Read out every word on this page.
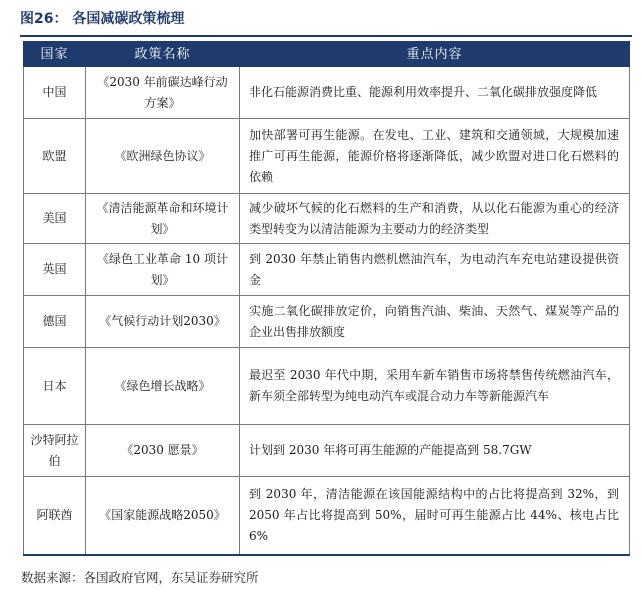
图26： 各国减碳政策梳理
国家	政策名称	重点内容
中国	《2030 年前碳达峰行动方案》	非化石能源消费比重、能源利用效率提升、二氧化碳排放强度降低
欧盟	《欧洲绿色协议》	加快部署可再生能源。在发电、工业、建筑和交通领域，大规模加速推广可再生能源，能源价格将逐渐降低，减少欧盟对进口化石燃料的依赖
美国	《清洁能源革命和环境计划》	减少破坏气候的化石燃料的生产和消费，从以化石能源为重心的经济类型转变为以清洁能源为主要动力的经济类型
英国	《绿色工业革命 10 项计划》	到 2030 年禁止销售内燃机燃油汽车，为电动汽车充电站建设提供资金
德国	《气候行动计划2030》	实施二氧化碳排放定价，向销售汽油、柴油、天然气、煤炭等产品的企业出售排放额度
日本	《绿色增长战略》	最迟至 2030 年代中期，采用车新车销售市场将禁售传统燃油汽车，新车须全部转型为纯电动汽车或混合动力车等新能源汽车
沙特阿拉伯	《2030 愿景》	计划到 2030 年将可再生能源的产能提高到 58.7GW
阿联酋	《国家能源战略2050》	到 2030 年，清洁能源在该国能源结构中的占比将提高到 32%，到 2050 年占比将提高到 50%，届时可再生能源占比 44%、核电占比 6%
数据来源：各国政府官网，东吴证券研究所
